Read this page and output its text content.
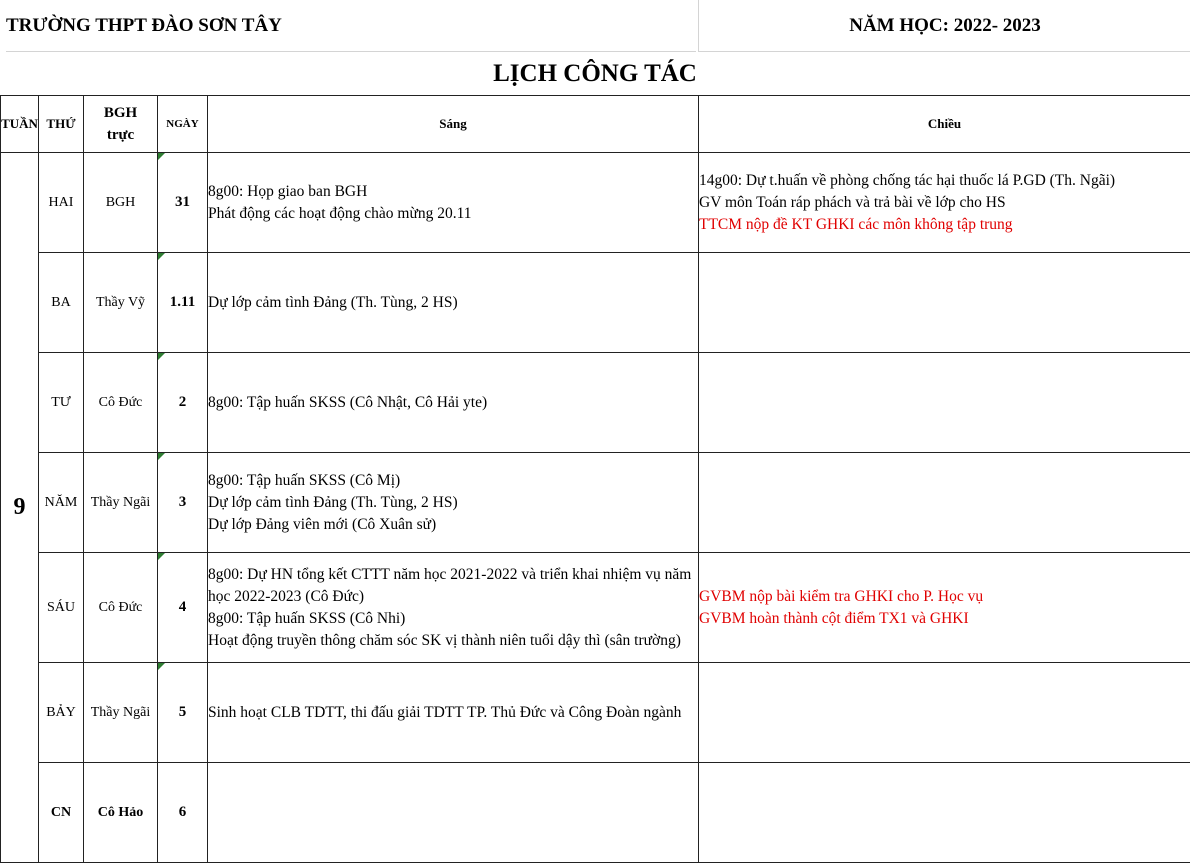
TRƯỜNG THPT ĐÀO SƠN TÂY	NĂM HỌC: 2022- 2023
LỊCH CÔNG TÁC
TUẦN	THỨ	BGH trực	NGÀY	Sáng	Chiều
9	HAI	BGH	31	8g00: Họp giao ban BGH
Phát động các hoạt động chào mừng 20.11	14g00: Dự t.huấn về phòng chống tác hại thuốc lá P.GD (Th. Ngãi)
GV môn Toán ráp phách và trả bài về lớp cho HS
TTCM nộp đề KT GHKI các môn không tập trung

	BA	Thầy Vỹ	1.11	Dự lớp cảm tình Đảng (Th. Tùng, 2 HS)	

	TƯ	Cô Đức	2	8g00: Tập huấn SKSS (Cô Nhật, Cô Hải yte)	

	NĂM	Thầy Ngãi	3	8g00: Tập huấn SKSS (Cô Mị)
Dự lớp cảm tình Đảng (Th. Tùng, 2 HS)
Dự lớp Đảng viên mới (Cô Xuân sử)	

	SÁU	Cô Đức	4	8g00: Dự HN tổng kết CTTT năm học 2021-2022 và triển khai nhiệm vụ năm học 2022-2023 (Cô Đức)
8g00: Tập huấn SKSS (Cô Nhi)
Hoạt động truyền thông chăm sóc SK vị thành niên tuổi dậy thì (sân trường)	GVBM nộp bài kiểm tra GHKI cho P. Học vụ
GVBM hoàn thành cột điểm TX1 và GHKI

	BẢY	Thầy Ngãi	5	Sinh hoạt CLB TDTT, thi đấu giải TDTT TP. Thủ Đức và Công Đoàn ngành	

	CN	Cô Hảo	6		
